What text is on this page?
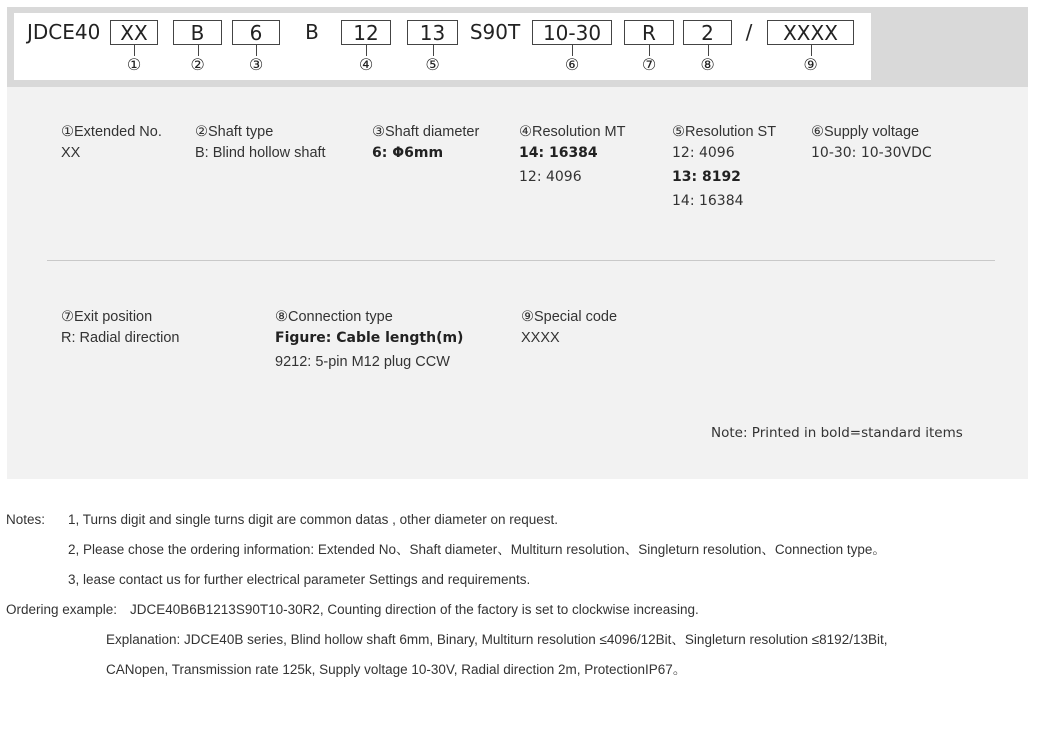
JDCE40 XX
①
B
②
6
③
B	12
④
13
⑤
S90T	10-30
⑥
R
⑦
2
⑧
/	XXXX
⑨
①Extended No.
XX
②Shaft type
B: Blind hollow shaft
③Shaft diameter
6: Φ6mm
④Resolution MT
14: 16384
12: 4096
⑤Resolution ST
12: 4096
13: 8192
14: 16384
⑥Supply voltage
10-30: 10-30VDC
⑦Exit position
R: Radial direction
⑧Connection type
Figure: Cable length(m)
9212: 5-pin M12 plug CCW
⑨Special code
XXXX
Note: Printed in bold=standard items
Notes: 1, Turns digit and single turns digit are common datas , other diameter on request.
2, Please chose the ordering information: Extended No、Shaft diameter、Multiturn resolution、Singleturn resolution、Connection type。
3, lease contact us for further electrical parameter Settings and requirements.
Ordering example: JDCE40B6B1213S90T10-30R2, Counting direction of the factory is set to clockwise increasing.
Explanation: JDCE40B series, Blind hollow shaft 6mm, Binary, Multiturn resolution ≤4096/12Bit、Singleturn resolution ≤8192/13Bit,
CANopen, Transmission rate 125k, Supply voltage 10-30V, Radial direction 2m, ProtectionIP67。
